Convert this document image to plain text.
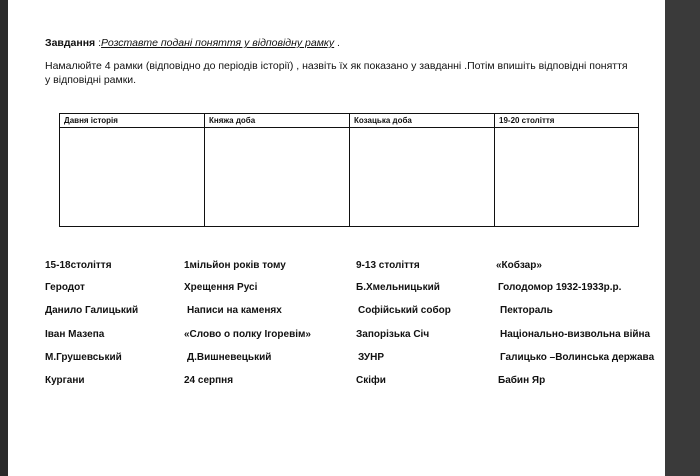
Завдання :Розставте подані поняття у відповідну рамку .
Намалюйте 4 рамки (відповідно до періодів історії) , назвіть їх як показано у завданні .Потім впишіть відповідні поняття у відповідні рамки.
Давня історія	Княжа доба	Козацька доба	19-20 століття
15-18століття	1мільйон років тому	9-13 століття	«Кобзар»
Геродот	Хрещення Русі	Б.Хмельницький	Голодомор 1932-1933р.р.
Данило Галицький	Написи на каменях	Софійський собор	Пектораль
Іван Мазепа	«Слово о полку Ігоревім»	Запорізька Січ	Національно-визвольна війна
М.Грушевський	Д.Вишневецький	ЗУНР	Галицько –Волинська держава
Кургани	24 серпня	Скіфи	Бабин Яр
